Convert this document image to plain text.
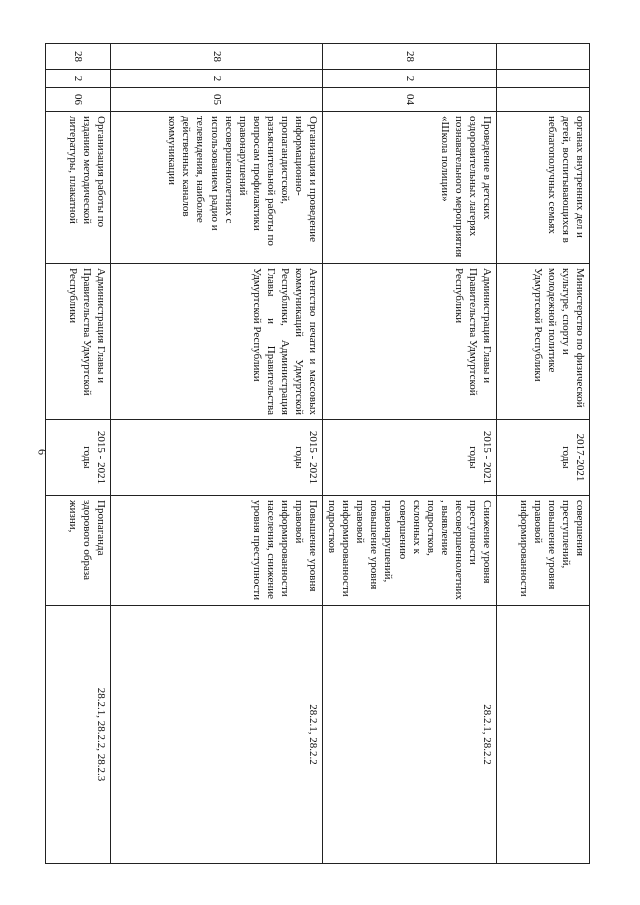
6
			органах внутренних дел и детей, воспитывающихся в неблагополучных семьях	Министерство по физической культуре, спорту и молодежной политике Удмуртской Республики	2017-2021 годы	совершения преступлений, повышение уровня правовой информированности	
28	2	04	Проведение в детских оздоровительных лагерях познавательного мероприятия «Школа полиции»	Администрация Главы и Правительства Удмуртской Республики	2015 - 2021 годы	Снижение уровня преступности несовершеннолетних, выявление подростков, склонных к совершению правонарушений, повышение уровня правовой информированности подростков	28.2.1, 28.2.2
28	2	05	Организация и проведение информационно-пропагандистской, разъяснительной работы по вопросам профилактики правонарушений несовершеннолетних с использованием радио и телевидения, наиболее действенных каналов коммуникации	Агентство печати и массовых коммуникаций Удмуртской Республики, Администрация Главы и Правительства Удмуртской Республики	2015 - 2021 годы	Повышение уровня правовой информированности населения, снижение уровня преступности	28.2.1, 28.2.2
28	2	06	Организация работы по изданию методической литературы, плакатной	Администрация Главы и Правительства Удмуртской Республики	2015 - 2021 годы	Пропаганда здорового образа жизни,	28.2.1, 28.2.2, 28.2.3
